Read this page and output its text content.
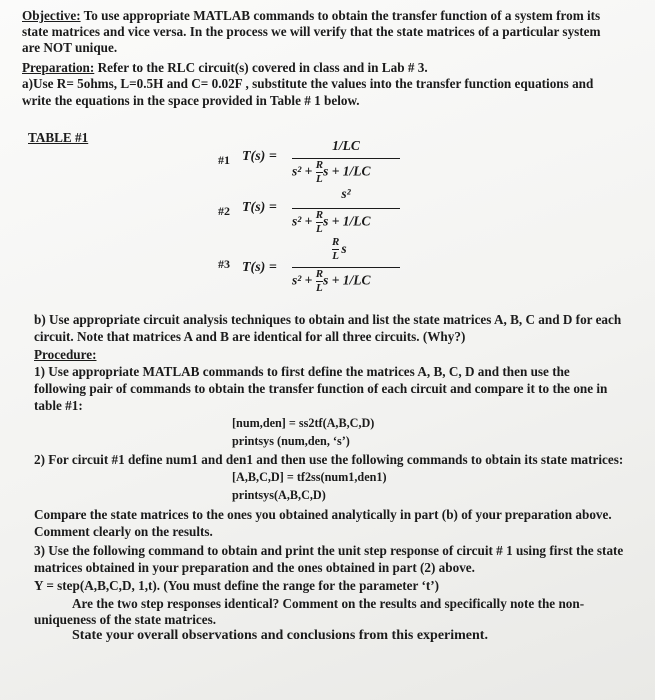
Objective: To use appropriate MATLAB commands to obtain the transfer function of a system from its
state matrices and vice versa. In the process we will verify that the state matrices of a particular system
are NOT unique.
Preparation: Refer to the RLC circuit(s) covered in class and in Lab # 3.
a)Use R= 5ohms, L=0.5H and C= 0.02F , substitute the values into the transfer function equations and
write the equations in the space provided in Table # 1 below.
TABLE #1
#1 T(s) =
1/LC
$s^2 + \frac{R}{L}$ s + 1/LC
#2 T(s) =
s²
$s^2 + \frac{R}{L}$ s + 1/LC
#3 T(s) =
$\frac{R}{L}$ s
$s^2 + \frac{R}{L}$ s + 1/LC
b) Use appropriate circuit analysis techniques to obtain and list the state matrices A, B, C and D for each
circuit. Note that matrices A and B are identical for all three circuits. (Why?)
Procedure:
1) Use appropriate MATLAB commands to first define the matrices A, B, C, D and then use the
following pair of commands to obtain the transfer function of each circuit and compare it to the one in
table #1:
[num,den] = ss2tf(A,B,C,D)
printsys (num,den, ‘s’)
2) For circuit #1 define num1 and den1 and then use the following commands to obtain its state matrices:
[A,B,C,D] = tf2ss(num1,den1)
printsys(A,B,C,D)
Compare the state matrices to the ones you obtained analytically in part (b) of your preparation above.
Comment clearly on the results.
3) Use the following command to obtain and print the unit step response of circuit # 1 using first the state
matrices obtained in your preparation and the ones obtained in part (2) above.
Y = step(A,B,C,D, 1,t). (You must define the range for the parameter ‘t’)
Are the two step responses identical? Comment on the results and specifically note the non-
uniqueness of the state matrices.
State your overall observations and conclusions from this experiment.
